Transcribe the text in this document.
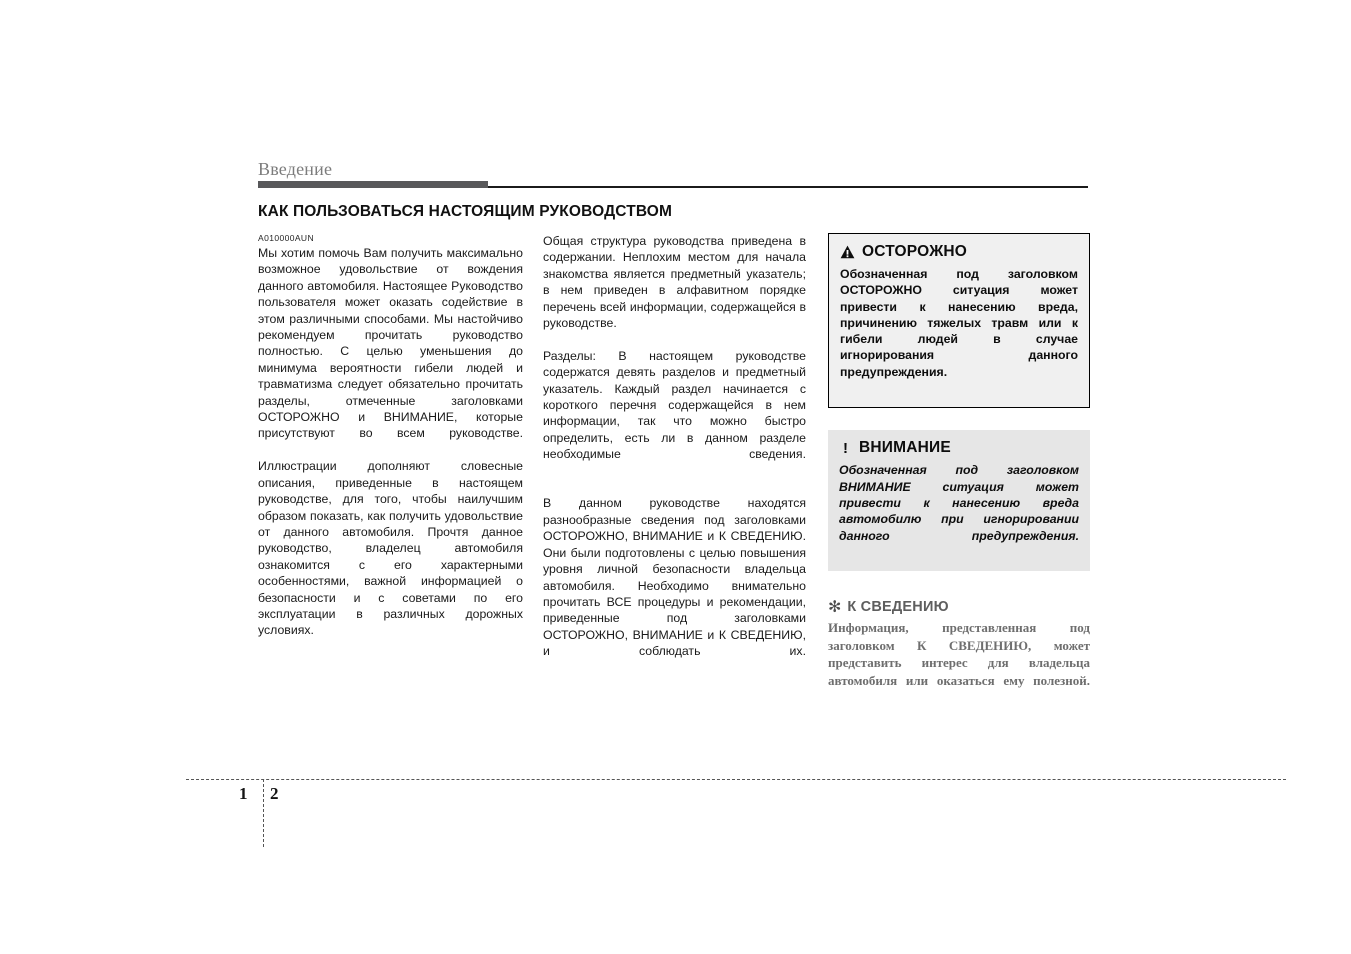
Введение
КАК ПОЛЬЗОВАТЬСЯ НАСТОЯЩИМ РУКОВОДСТВОМ
A010000AUN

Мы хотим помочь Вам получить максимально возможное удовольствие от вождения данного автомобиля. Настоящее Руководство пользователя может оказать содействие в этом различными способами. Мы настойчиво рекомендуем прочитать руководство полностью. С целью уменьшения до минимума вероятности гибели людей и травматизма следует обязательно прочитать разделы, отмеченные заголовками ОСТОРОЖНО и ВНИМАНИЕ, которые присутствуют во всем руководстве.

Иллюстрации дополняют словесные описания, приведенные в настоящем руководстве, для того, чтобы наилучшим образом показать, как получить удовольствие от данного автомобиля. Прочтя данное руководство, владелец автомобиля ознакомится с его характерными особенностями, важной информацией о безопасности и с советами по его эксплуатации в различных дорожных условиях.

Общая структура руководства приведена в содержании. Неплохим местом для начала знакомства является предметный указатель; в нем приведен в алфавитном порядке перечень всей информации, содержащейся в руководстве.

Разделы: В настоящем руководстве содержатся девять разделов и предметный указатель. Каждый раздел начинается с короткого перечня содержащейся в нем информации, так что можно быстро определить, есть ли в данном разделе необходимые сведения.

В данном руководстве находятся разнообразные сведения под заголовками ОСТОРОЖНО, ВНИМАНИЕ и К СВЕДЕНИЮ. Они были подготовлены с целью повышения уровня личной безопасности владельца автомобиля. Необходимо внимательно прочитать ВСЕ процедуры и рекомендации, приведенные под заголовками ОСТОРОЖНО, ВНИМАНИЕ и К СВЕДЕНИЮ, и соблюдать их.

ОСТОРОЖНО
Обозначенная под заголовком ОСТОРОЖНО ситуация может привести к нанесению вреда, причинению тяжелых травм или к гибели людей в случае игнорирования данного предупреждения.
! ВНИМАНИЕ
Обозначенная под заголовком ВНИМАНИЕ ситуация может привести к нанесению вреда автомобилю при игнорировании данного предупреждения.
✻ К СВЕДЕНИЮ
Информация, представленная под заголовком К СВЕДЕНИЮ, может представить интерес для владельца автомобиля или оказаться ему полезной.
1 2
